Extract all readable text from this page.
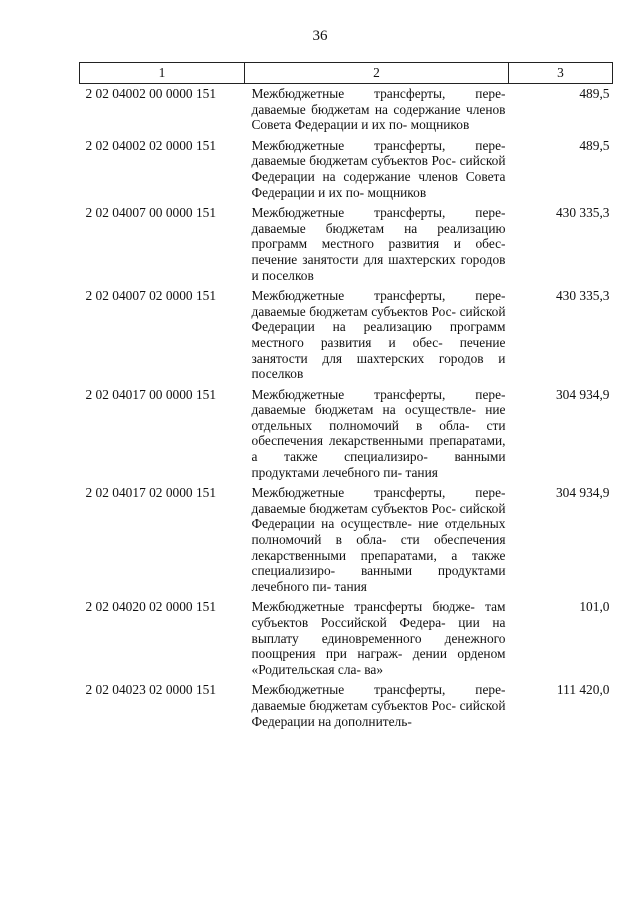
36
1	2	3
2 02 04002 00 0000 151	Межбюджетные трансферты, пере- даваемые бюджетам на содержание членов Совета Федерации и их по- мощников	489,5
2 02 04002 02 0000 151	Межбюджетные трансферты, пере- даваемые бюджетам субъектов Рос- сийской Федерации на содержание членов Совета Федерации и их по- мощников	489,5
2 02 04007 00 0000 151	Межбюджетные трансферты, пере- даваемые бюджетам на реализацию программ местного развития и обес- печение занятости для шахтерских городов и поселков	430 335,3
2 02 04007 02 0000 151	Межбюджетные трансферты, пере- даваемые бюджетам субъектов Рос- сийской Федерации на реализацию программ местного развития и обес- печение занятости для шахтерских городов и поселков	430 335,3
2 02 04017 00 0000 151	Межбюджетные трансферты, пере- даваемые бюджетам на осуществле- ние отдельных полномочий в обла- сти обеспечения лекарственными препаратами, а также специализиро- ванными продуктами лечебного пи- тания	304 934,9
2 02 04017 02 0000 151	Межбюджетные трансферты, пере- даваемые бюджетам субъектов Рос- сийской Федерации на осуществле- ние отдельных полномочий в обла- сти обеспечения лекарственными препаратами, а также специализиро- ванными продуктами лечебного пи- тания	304 934,9
2 02 04020 02 0000 151	Межбюджетные трансферты бюдже- там субъектов Российской Федера- ции на выплату единовременного денежного поощрения при награж- дении орденом «Родительская сла- ва»	101,0
2 02 04023 02 0000 151	Межбюджетные трансферты, пере- даваемые бюджетам субъектов Рос- сийской Федерации на дополнитель-	111 420,0
